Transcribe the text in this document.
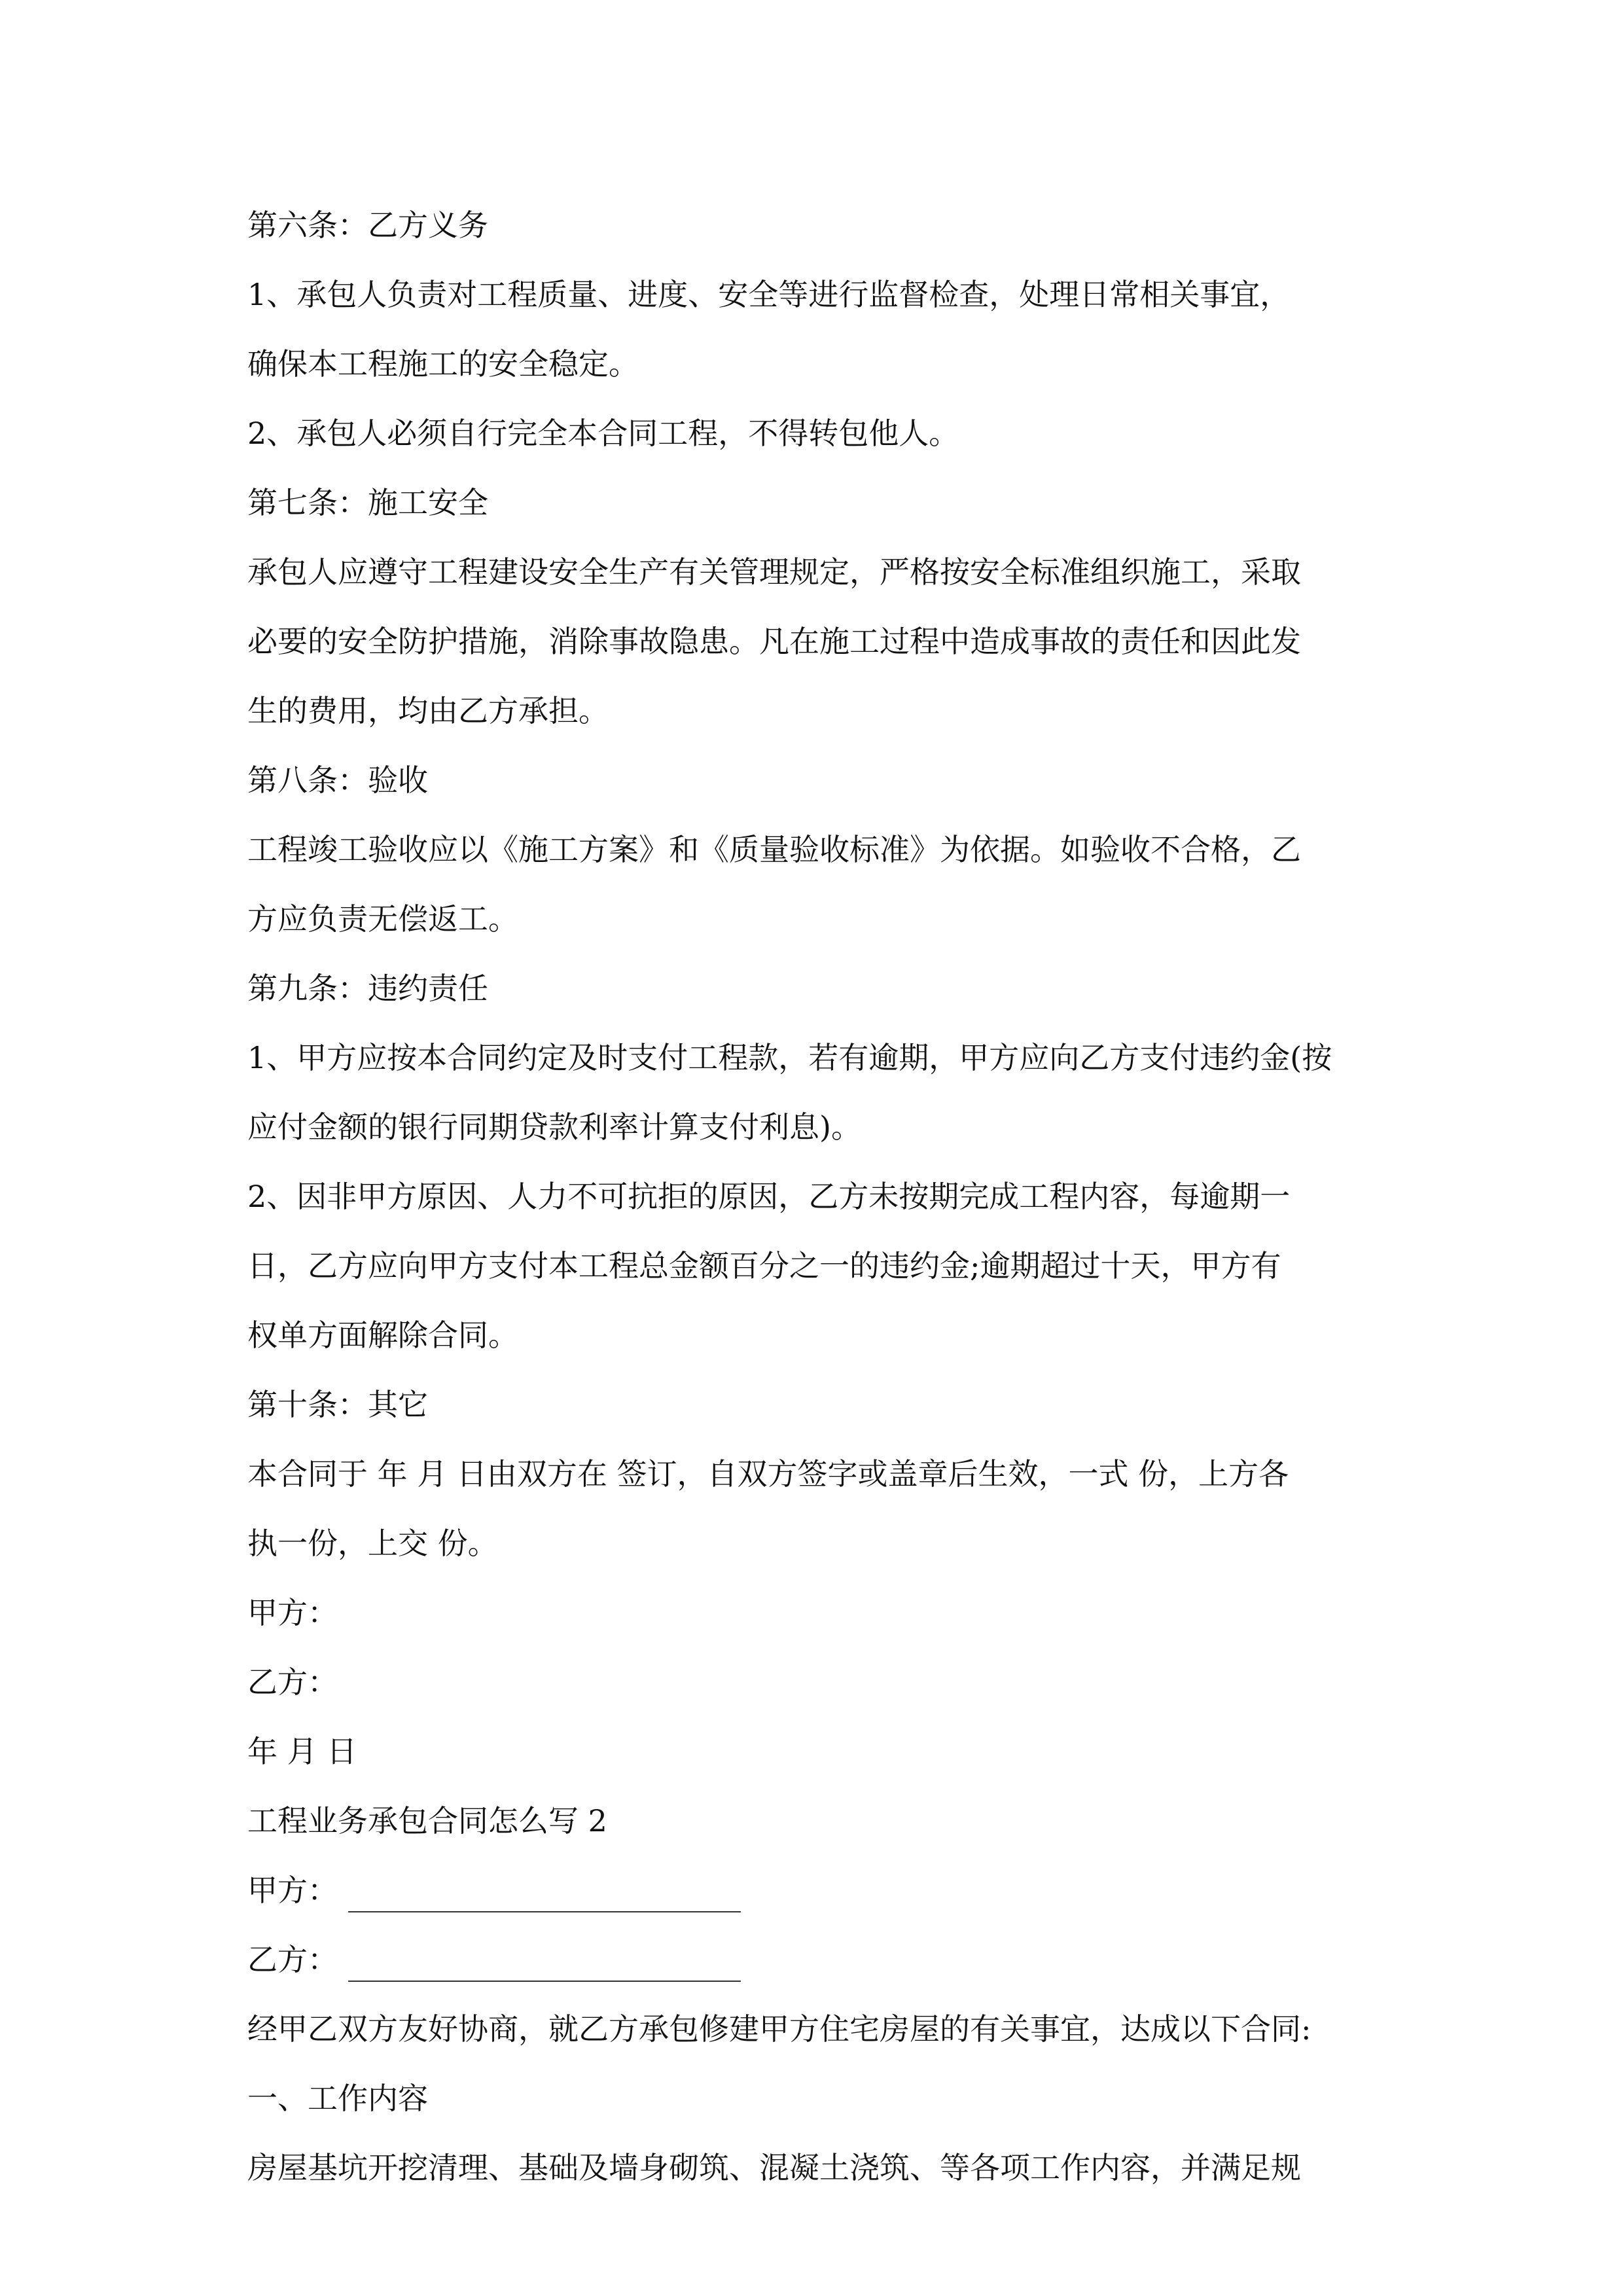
第六条：乙方义务
1、承包人负责对工程质量、进度、安全等进行监督检查，处理日常相关事宜，
确保本工程施工的安全稳定。
2、承包人必须自行完全本合同工程，不得转包他人。
第七条：施工安全
承包人应遵守工程建设安全生产有关管理规定，严格按安全标准组织施工，采取
必要的安全防护措施，消除事故隐患。凡在施工过程中造成事故的责任和因此发
生的费用，均由乙方承担。
第八条：验收
工程竣工验收应以《施工方案》和《质量验收标准》为依据。如验收不合格，乙
方应负责无偿返工。
第九条：违约责任
1、甲方应按本合同约定及时支付工程款，若有逾期，甲方应向乙方支付违约金(按
应付金额的银行同期贷款利率计算支付利息)。
2、因非甲方原因、人力不可抗拒的原因，乙方未按期完成工程内容，每逾期一
日，乙方应向甲方支付本工程总金额百分之一的违约金;逾期超过十天，甲方有
权单方面解除合同。
第十条：其它
本合同于 年 月 日由双方在 签订，自双方签字或盖章后生效，一式 份，上方各
执一份，上交 份。
甲方：
乙方：
年 月 日
工程业务承包合同怎么写 2
甲方：
乙方：
经甲乙双方友好协商，就乙方承包修建甲方住宅房屋的有关事宜，达成以下合同:
一、工作内容
房屋基坑开挖清理、基础及墙身砌筑、混凝土浇筑、等各项工作内容，并满足规
